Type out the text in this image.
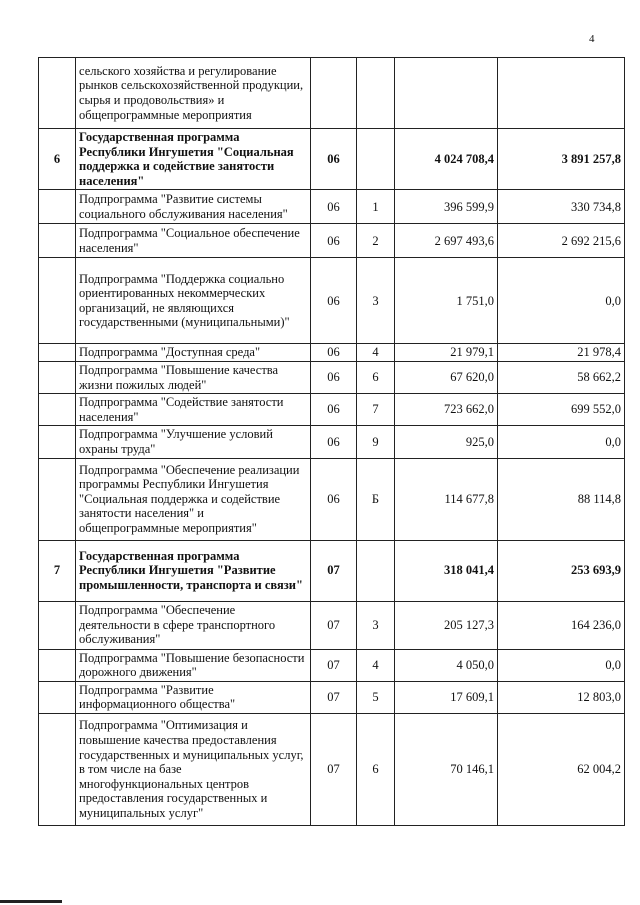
4
	сельского хозяйства и регулирование рынков сельскохозяйственной продукции, сырья и продовольствия» и общепрограммные мероприятия				
6	Государственная программа Республики Ингушетия "Социальная поддержка и содействие занятости населения"	06		4 024 708,4	3 891 257,8
	Подпрограмма "Развитие системы социального обслуживания населения"	06	1	396 599,9	330 734,8
	Подпрограмма "Социальное обеспечение населения"	06	2	2 697 493,6	2 692 215,6
	Подпрограмма "Поддержка социально ориентированных некоммерческих организаций, не являющихся государственными (муниципальными)"	06	3	1 751,0	0,0
	Подпрограмма "Доступная среда"	06	4	21 979,1	21 978,4
	Подпрограмма "Повышение качества жизни пожилых людей"	06	6	67 620,0	58 662,2
	Подпрограмма "Содействие занятости населения"	06	7	723 662,0	699 552,0
	Подпрограмма "Улучшение условий охраны труда"	06	9	925,0	0,0
	Подпрограмма "Обеспечение реализации программы Республики Ингушетия "Социальная поддержка и содействие занятости населения" и общепрограммные мероприятия"	06	Б	114 677,8	88 114,8
7	Государственная программа Республики Ингушетия "Развитие промышленности, транспорта и связи"	07		318 041,4	253 693,9
	Подпрограмма "Обеспечение деятельности в сфере транспортного обслуживания"	07	3	205 127,3	164 236,0
	Подпрограмма "Повышение безопасности дорожного движения"	07	4	4 050,0	0,0
	Подпрограмма "Развитие информационного общества"	07	5	17 609,1	12 803,0
	Подпрограмма "Оптимизация и повышение качества предоставления государственных и муниципальных услуг, в том числе на базе многофункциональных центров предоставления государственных и муниципальных услуг"	07	6	70 146,1	62 004,2
